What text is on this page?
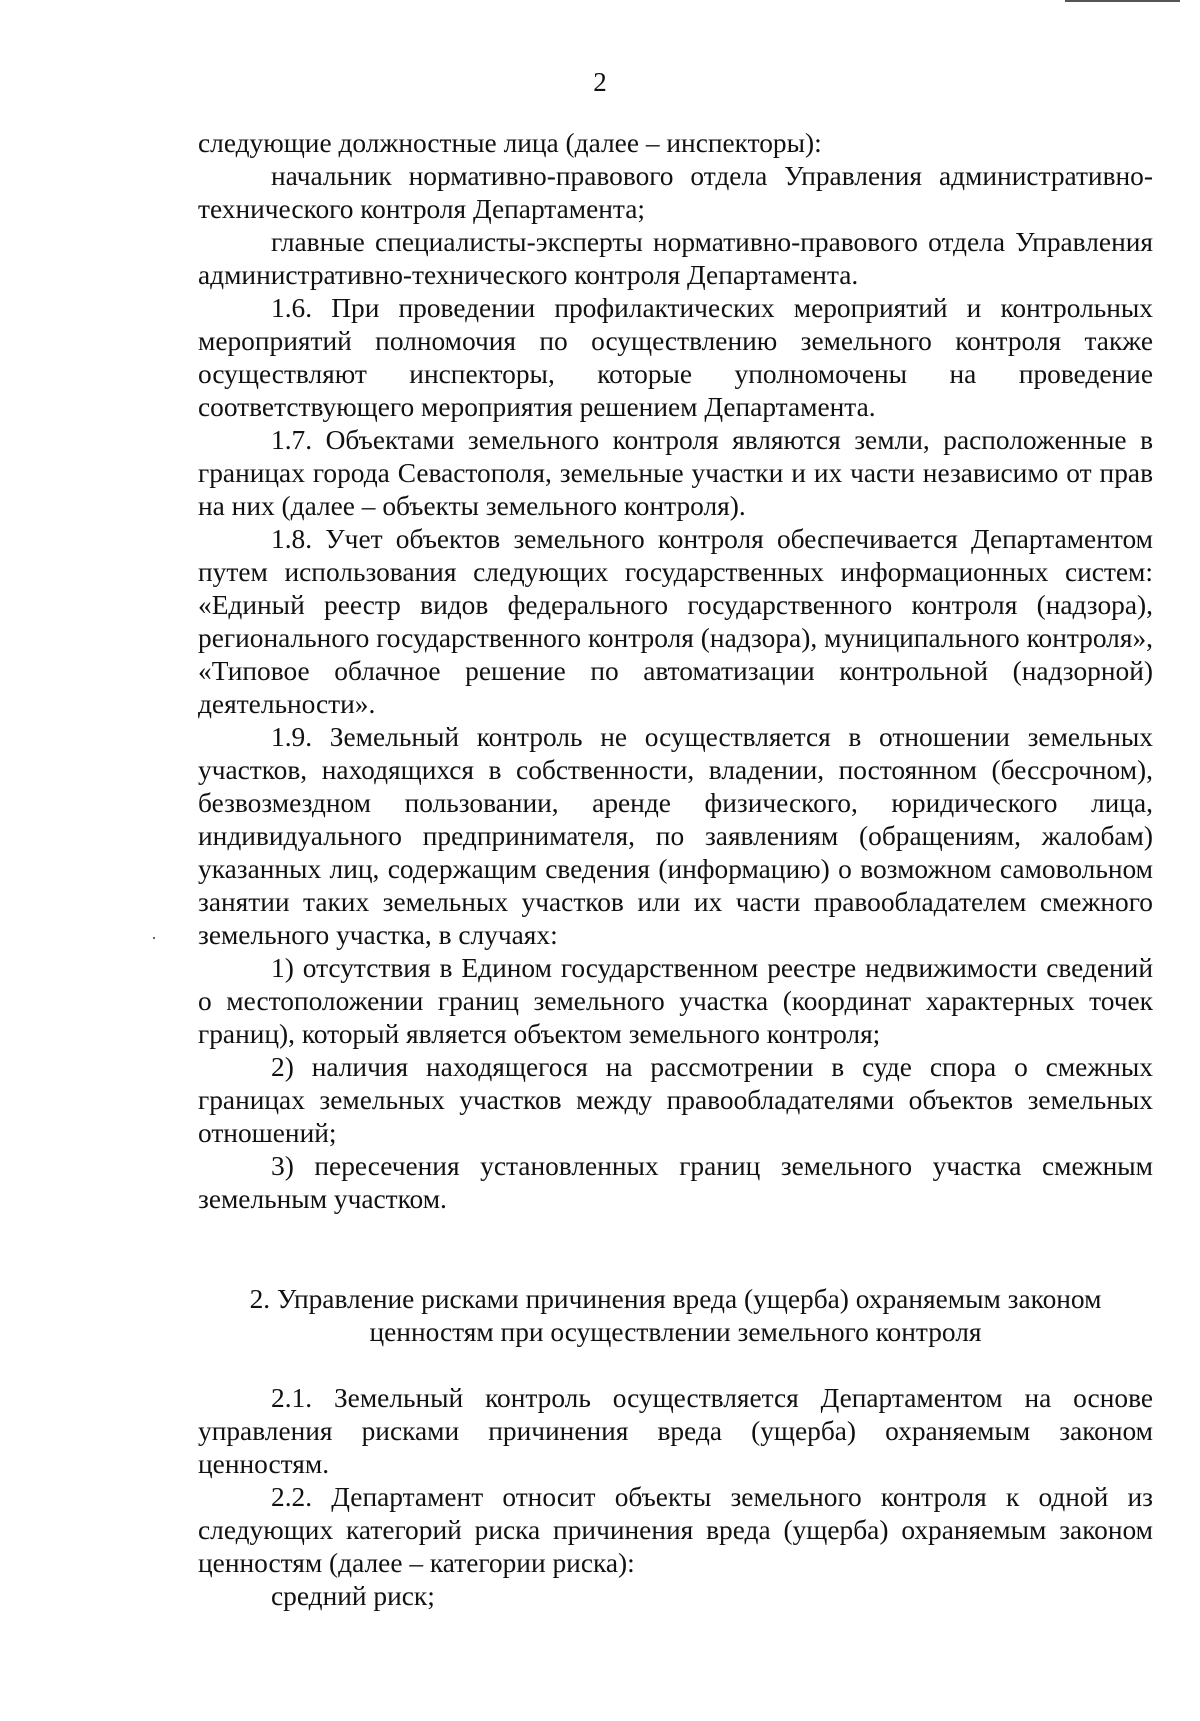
2

следующие должностные лица (далее – инспекторы):

начальник нормативно-правового отдела Управления административно-технического контроля Департамента;

главные специалисты-эксперты нормативно-правового отдела Управления административно-технического контроля Департамента.

1.6. При проведении профилактических мероприятий и контрольных мероприятий полномочия по осуществлению земельного контроля также осуществляют инспекторы, которые уполномочены на проведение соответствующего мероприятия решением Департамента.

1.7. Объектами земельного контроля являются земли, расположенные в границах города Севастополя, земельные участки и их части независимо от прав на них (далее – объекты земельного контроля).

1.8. Учет объектов земельного контроля обеспечивается Департаментом путем использования следующих государственных информационных систем: «Единый реестр видов федерального государственного контроля (надзора), регионального государственного контроля (надзора), муниципального контроля», «Типовое облачное решение по автоматизации контрольной (надзорной) деятельности».

1.9. Земельный контроль не осуществляется в отношении земельных участков, находящихся в собственности, владении, постоянном (бессрочном), безвозмездном пользовании, аренде физического, юридического лица, индивидуального предпринимателя, по заявлениям (обращениям, жалобам) указанных лиц, содержащим сведения (информацию) о возможном самовольном занятии таких земельных участков или их части правообладателем смежного земельного участка, в случаях:

1) отсутствия в Едином государственном реестре недвижимости сведений о местоположении границ земельного участка (координат характерных точек границ), который является объектом земельного контроля;

2) наличия находящегося на рассмотрении в суде спора о смежных границах земельных участков между правообладателями объектов земельных отношений;

3) пересечения установленных границ земельного участка смежным земельным участком.

2. Управление рисками причинения вреда (ущерба) охраняемым законом ценностям при осуществлении земельного контроля

2.1. Земельный контроль осуществляется Департаментом на основе управления рисками причинения вреда (ущерба) охраняемым законом ценностям.

2.2. Департамент относит объекты земельного контроля к одной из следующих категорий риска причинения вреда (ущерба) охраняемым законом ценностям (далее – категории риска):

средний риск;
